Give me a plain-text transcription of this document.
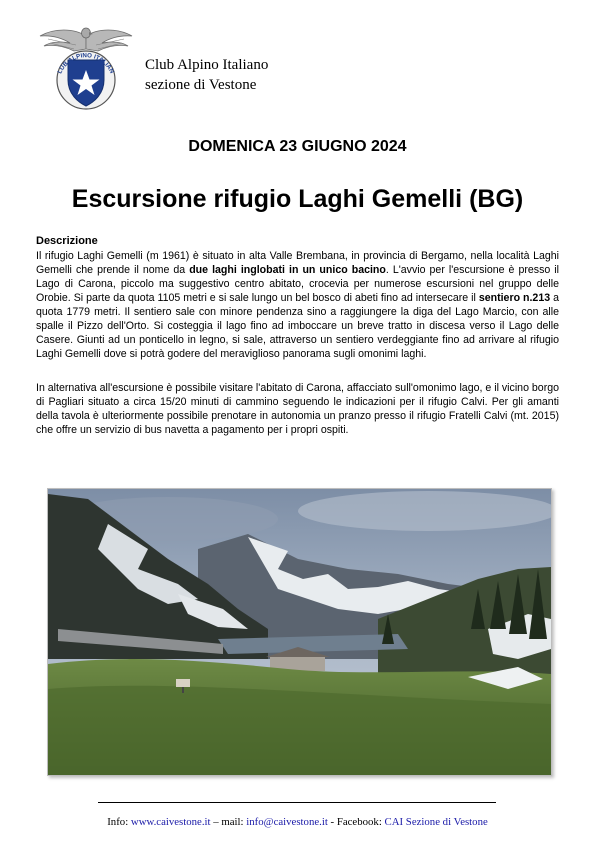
LUB ALPINO ITALIAN Club Alpino Italiano
sezione di Vestone
DOMENICA 23 GIUGNO 2024
Escursione rifugio Laghi Gemelli (BG)
Descrizione

Il rifugio Laghi Gemelli (m 1961) è situato in alta Valle Brembana, in provincia di Bergamo, nella località Laghi Gemelli che prende il nome da due laghi inglobati in un unico bacino. L'avvio per l'escursione è presso il Lago di Carona, piccolo ma suggestivo centro abitato, crocevia per numerose escursioni nel gruppo delle Orobie. Si parte da quota 1105 metri e si sale lungo un bel bosco di abeti fino ad intersecare il sentiero n.213 a quota 1779 metri. Il sentiero sale con minore pendenza sino a raggiungere la diga del Lago Marcio, con alle spalle il Pizzo dell'Orto. Si costeggia il lago fino ad imboccare un breve tratto in discesa verso il Lago delle Casere. Giunti ad un ponticello in legno, si sale, attraverso un sentiero verdeggiante fino ad arrivare al rifugio Laghi Gemelli dove si potrà godere del meraviglioso panorama sugli omonimi laghi.

In alternativa all'escursione è possibile visitare l'abitato di Carona, affacciato sull'omonimo lago, e il vicino borgo di Pagliari situato a circa 15/20 minuti di cammino seguendo le indicazioni per il rifugio Calvi. Per gli amanti della tavola è ulteriormente possibile prenotare in autonomia un pranzo presso il rifugio Fratelli Calvi (mt. 2015) che offre un servizio di bus navetta a pagamento per i propri ospiti.

Info: www.caivestone.it – mail: info@caivestone.it - Facebook: CAI Sezione di Vestone
